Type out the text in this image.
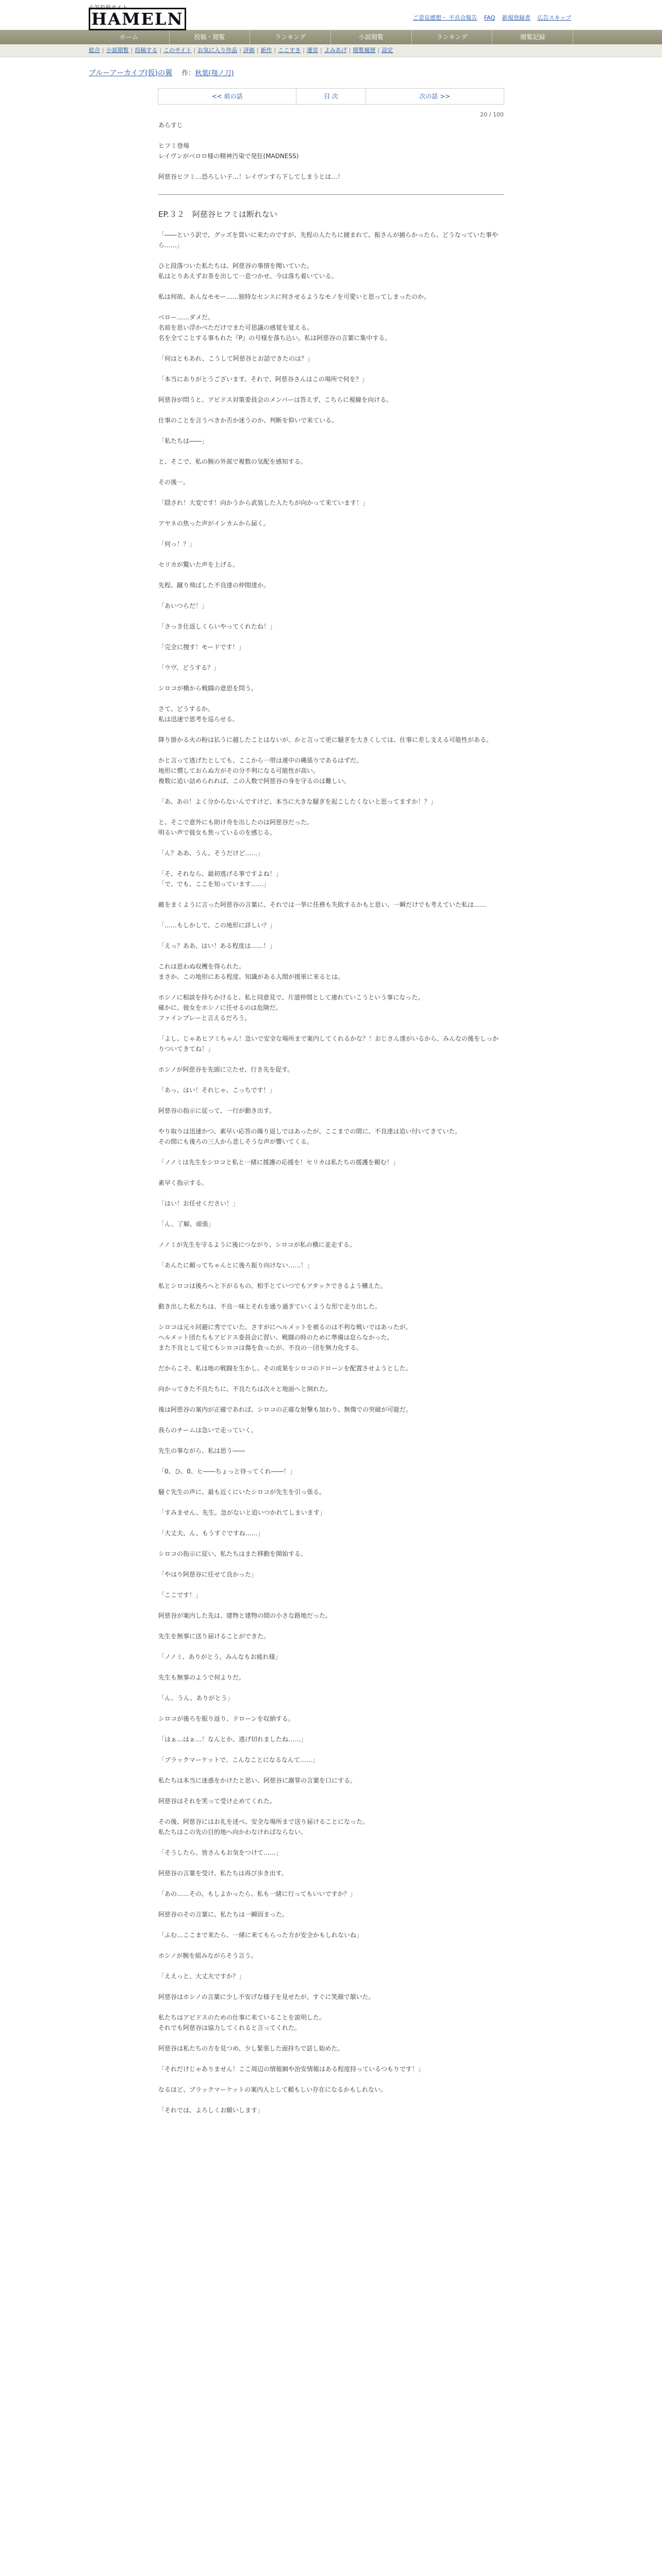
小説投稿サイト
HAMELN	ご意見感想・ 不具合報告 FAQ 新規登録者 広告スキップ
ホーム	投稿・閲覧	ランキング	小説閲覧	ランキング	閲覧記録
総合 | 小説閲覧 | 投稿する | このサイト | お気に入り作品 | 評価 | 新作 | ここすき | 運営 | よみあげ | 閲覧履歴 | 設定
ブルーアーカイブ(仮)の翼 作：秋葉(翔ノ刀)
<< 前の話	目 次	次の話 >>
20 / 100

あらすじ

ヒフミ登場

レイヴンがベロロ様の精神汚染で発狂(MADNESS)

阿慈谷ヒフミ…恐ろしい子…！レイヴンすら下してしまうとは…！

EP.３２　阿慈谷ヒフミは断れない

「――という訳で、グッズを買いに来たのですが、先程の人たちに捕まれて、振さんが捕らかったら、どうなっていた事やら……」

ひと段落ついた私たちは、阿慈谷の事情を聞いていた。

私はとりあえずお茶を出して一息つかせ、今は落ち着いている。

私は何故、あんなモモー……独特なセンスに何させるようなモノを可愛いと思ってしまったのか。

ベロー……ダメだ。

名前を思い浮かべただけでまた可思議の感覚を覚える。

名を全てことする事もれた『P』の号様を落ち込い。私は阿慈谷の言葉に集中する。

「何はともあれ、こうして阿慈谷とお話できたのは？」

「本当にありがとうございます。それで、阿慈谷さんはこの場所で何を？」

阿慈谷が問うと、アビドス対策委員会のメンバーは答えず、こちらに視線を向ける。

仕事のことを言うべきか否か迷うのか、判断を仰いで来ている。

「私たちは――」

と、そこで、私の腕の外部で複数の気配を感知する。

その後一。

「隠され！大変です！向かうから武装した人たちが向かって来ています！」

アヤネの焦った声がインカムから届く。

「何っ！？」

セリカが驚いた声を上げる。

先程、蹴り飛ばした不良達の仲間達か。

「あいつらだ！」

「さっき仕返しくらいやってくれたね！」

「完全に捜す！モードです！」

「ウヴ、どうする？」

シロコが横から戦闘の意思を問う。

さて、どうするか。

私は迅速で思考を巡らせる。

降り掛かる火の粉は払うに越したことはないが、かと言って更に騒ぎを大きくしては、仕事に差し支える可能性がある。

かと言って逃げたとしても、ここから一帯は連中の縄張りであるはずだ。

地形に慣しておらぬ方がその分不利になる可能性が高い。

複数に追い詰められれば、この人数で阿慈谷の身を守るのは難しい。

「あ、あの！よく分からないんですけど、本当に大きな騒ぎを起こしたくないと思ってますか！？」

と、そこで意外にも助け舟を出したのは阿慈谷だった。

明るい声で彼女も焦っているのを感じる。

「ん？ああ、うん。そうだけど……」

「そ、それなら、最初逃げる事ですよね！」

「で、でも、ここを知っています……」

敵をまくように言った阿慈谷の言葉に、それでは一挙に任務も失敗するかもと思い、一瞬だけでも考えていた私は……

「……もしかして、この地形に詳しい？」

「えっ？ああ、はい！ある程度は……！」

これは思わぬ収穫を得られた。

まさか、この地形にある程度、知識がある人間が援軍に来るとは。

ホシノに相談を持ちかけると、私と同意見で、片道仲間として連れていこうという事になった。

確かに、彼女をホシノに任せるのは危険だ。

ファインプレーと言えるだろう。

「よし、じゃあヒフミちゃん！急いで安全な場所まで案内してくれるかな？！おじさん達がいるから、みんなの後をしっかりついてきてね！」

ホシノが阿慈谷を先頭に立たせ、行き先を促す。

「あっ、はい！それじゃ、こっちです！」

阿慈谷の指示に従って、一行が動き出す。

やり取りは迅速かつ、素早い応答の繰り返しではあったが、ここまでの間に、不良達は追い付いてきていた。

その間にも後ろの三人から悲しそうな声が響いてくる。

「ノノミは先生をシロコと私と一緒に援護の応援を！セリカは私たちの援護を頼む！」

素早く指示する。

「はい！お任せください！」

「ん、了解、頑張」

ノノミが先生を守るように後につながり、シロコが私の横に並走する。

「あんたに頼ってちゃんとに後ろ振り向けない……！」

私とシロコは後ろへと下がるもの、相手とていつでもアタックできるよう構えた。

動き出した私たちは、不良一味とそれを通り過ぎていくような形で走り出した。

シロコは元々回避に秀でていた。さすがにヘルメットを被るのは不利な戦いではあったが、

ヘルメット団たちもアビドス委員会に習い、戦闘の時のために準備は怠らなかった。

また不良として見てもシロコは傷を負ったが、不良の一団を無力化する。

だからこそ、私は地の戦闘を生かし、その成果をシロコのドローンを配置させようとした。

向かってきた不良たちに、不良たちは次々と地面へと倒れた。

後は阿慈谷の案内が正確であれば、シロコの正確な射撃も加わり、無傷での突破が可能だ。

我らのチームは急いで走っていく。

先生の事ながら、私は思う――

「0、ひ、0、ヒ――ちょっと待ってくれ――！」

騒ぐ先生の声に、最も近くにいたシロコが先生を引っ張る。

「すみません、先生。急がないと追いつかれてしまいます」

「大丈夫、ん、もうすぐですね……」

シロコの指示に従い、私たちはまた移動を開始する。

「やはり阿慈谷に任せて良かった」

「ここです！」

阿慈谷が案内した先は、建物と建物の間の小さな路地だった。

先生を無事に送り届けることができた。

「ノノミ、ありがとう。みんなもお疲れ様」

先生も無事のようで何よりだ。

「ん、うん、ありがとう」

シロコが後ろを振り返り、ドローンを収納する。

「はぁ…はぁ…！なんとか、逃げ切れましたね……」

「ブラックマーケットで、こんなことになるなんて……」

私たちは本当に迷惑をかけたと思い、阿慈谷に謝罪の言葉を口にする。

阿慈谷はそれを笑って受け止めてくれた。

その後、阿慈谷にはお礼を述べ、安全な場所まで送り届けることになった。

私たちはこの先の目的地へ向かわなければならない。

「そうしたら、皆さんもお気をつけて……」

阿慈谷の言葉を受け、私たちは再び歩き出す。

「あの……その、もしよかったら、私も一緒に行ってもいいですか？」

阿慈谷のその言葉に、私たちは一瞬固まった。

「ふむ…ここまで来たら、一緒に来てもらった方が安全かもしれないね」

ホシノが腕を組みながらそう言う。

「ええっと、大丈夫ですか？」

阿慈谷はホシノの言葉に少し不安げな様子を見せたが、すぐに笑顔で頷いた。

私たちはアビドスのための仕事に来ていることを説明した。

それでも阿慈谷は協力してくれると言ってくれた。

阿慈谷は私たちの方を見つめ、少し緊張した面持ちで話し始めた。

「それだけじゃありません！ここ周辺の情報網や治安情報はある程度持っているつもりです！」

なるほど、ブラックマーケットの案内人として頼もしい存在になるかもしれない。

「それでは、よろしくお願いします」
